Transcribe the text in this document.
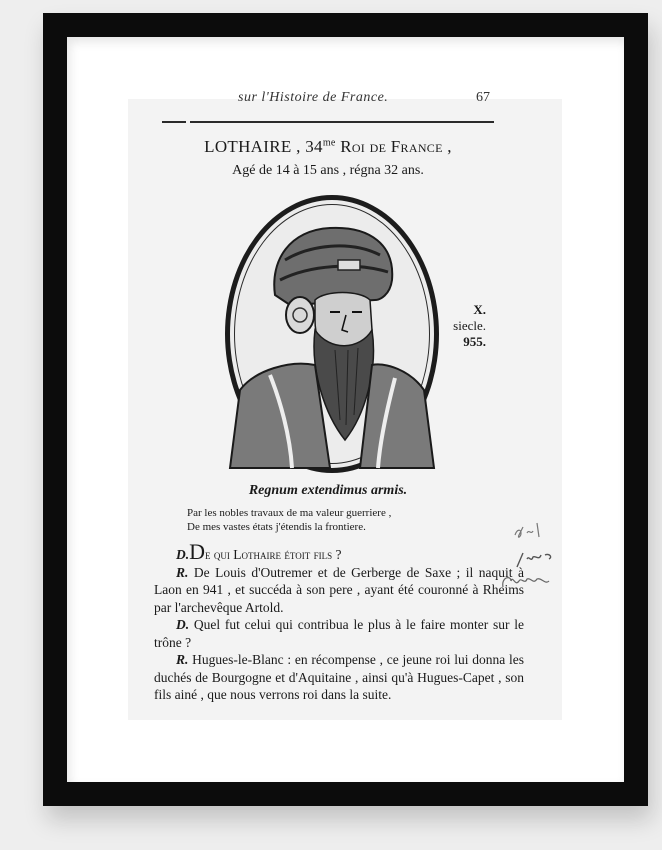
sur l'Histoire de France.	67
LOTHAIRE , $34^{me}$ Roi de France ,
Agé de 14 à 15 ans , régna 32 ans.
X.
siecle.
955.
Regnum extendimus armis.
Par les nobles travaux de ma valeur guerriere ,
De mes vastes états j'étendis la frontiere.

D.De qui Lothaire étoit fils ?

R. De Louis d'Outremer et de Gerberge de Saxe ; il naquit à Laon en 941 , et succéda à son pere , ayant été couronné à Rheims par l'archevêque Artold.

D. Quel fut celui qui contribua le plus à le faire monter sur le trône ?

R. Hugues-le-Blanc : en récompense , ce jeune roi lui donna les duchés de Bourgogne et d'Aquitaine , ainsi qu'à Hugues-Capet , son fils ainé , que nous verrons roi dans la suite.
